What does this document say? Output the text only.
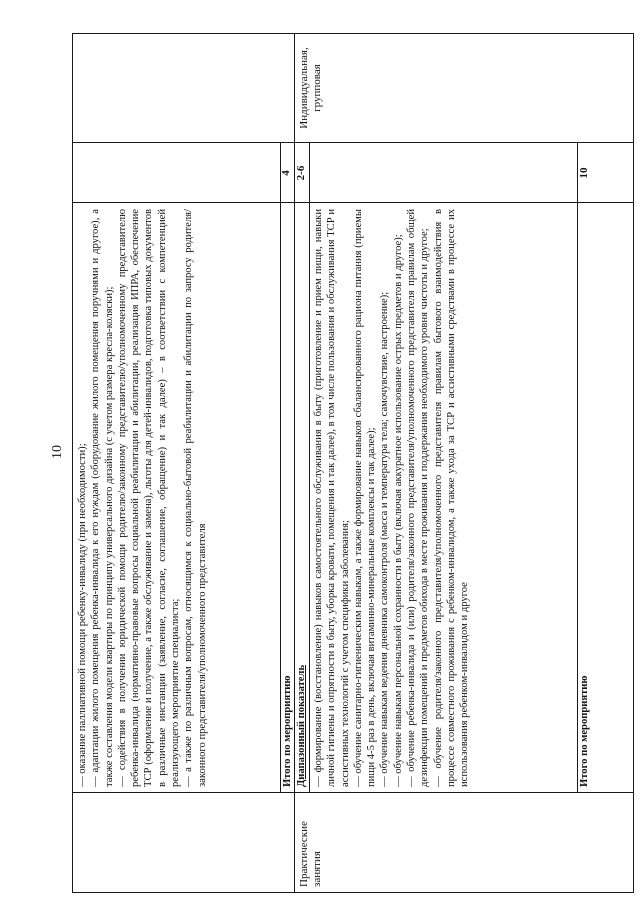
10 — оказание паллиативной помощи ребенку-инвалиду (при необходимости); — адаптации жилого помещения ребенка-инвалида к его нуждам (оборудование жилого помещения поручнями и другое), а также составления модели квартиры по принципу универсального дизайна (с учетом размера кресла-коляски); — содействия в получении юридической помощи родителю/законному представителю/уполномоченному представителю ребенка-инвалида (нормативно-правовые вопросы социальной реабилитации и абилитации, реализация ИПРА, обеспечение ТСР (оформление и получение, а также обслуживание и замена), льготы для детей-инвалидов, подготовка типовых документов в различные инстанции (заявление, согласие, соглашение, обращение) и так далее) – в соответствии с компетенцией реализующего мероприятие специалиста; — а также по различным вопросам, относящимся к социально-бытовой реабилитации и абилитации по запросу родителя/законного представителя/уполномоченного представителя	Итого по мероприятию
4
Диапазонный показатель
2-6
Индивидуальная, групповая
Практические занятия

— формирование (восстановление) навыков самостоятельного обслуживания в быту (приготовление и прием пищи, навыки личной гигиены и опрятности в быту, уборка кровати, помещения и так далее), в том числе пользования и обслуживания ТСР и ассистивных технологий с учетом специфики заболевания; — обучение санитарно-гигиеническим навыкам, а также формирование навыков сбалансированного рациона питания (приемы пищи 4-5 раз в день, включая витаминно-минеральные комплексы и так далее); — обучение навыкам ведения дневника самоконтроля (масса и температура тела; самочувствие, настроение); — обучение навыкам персональной сохранности в быту (включая аккуратное использование острых предметов и другое); — обучение ребенка-инвалида и (или) родителя/законного представителя/уполномоченного представителя правилам общей дезинфекции помещений и предметов обихода в месте проживания и поддержания необходимого уровня чистоты и другое; — обучение родителя/законного представителя/уполномоченного представителя правилам бытового взаимодействия в процессе совместного проживания с ребенком-инвалидом, а также ухода за ТСР и ассистивными средствами в процессе их использования ребенком-инвалидом и другое	Итого по мероприятию
10
